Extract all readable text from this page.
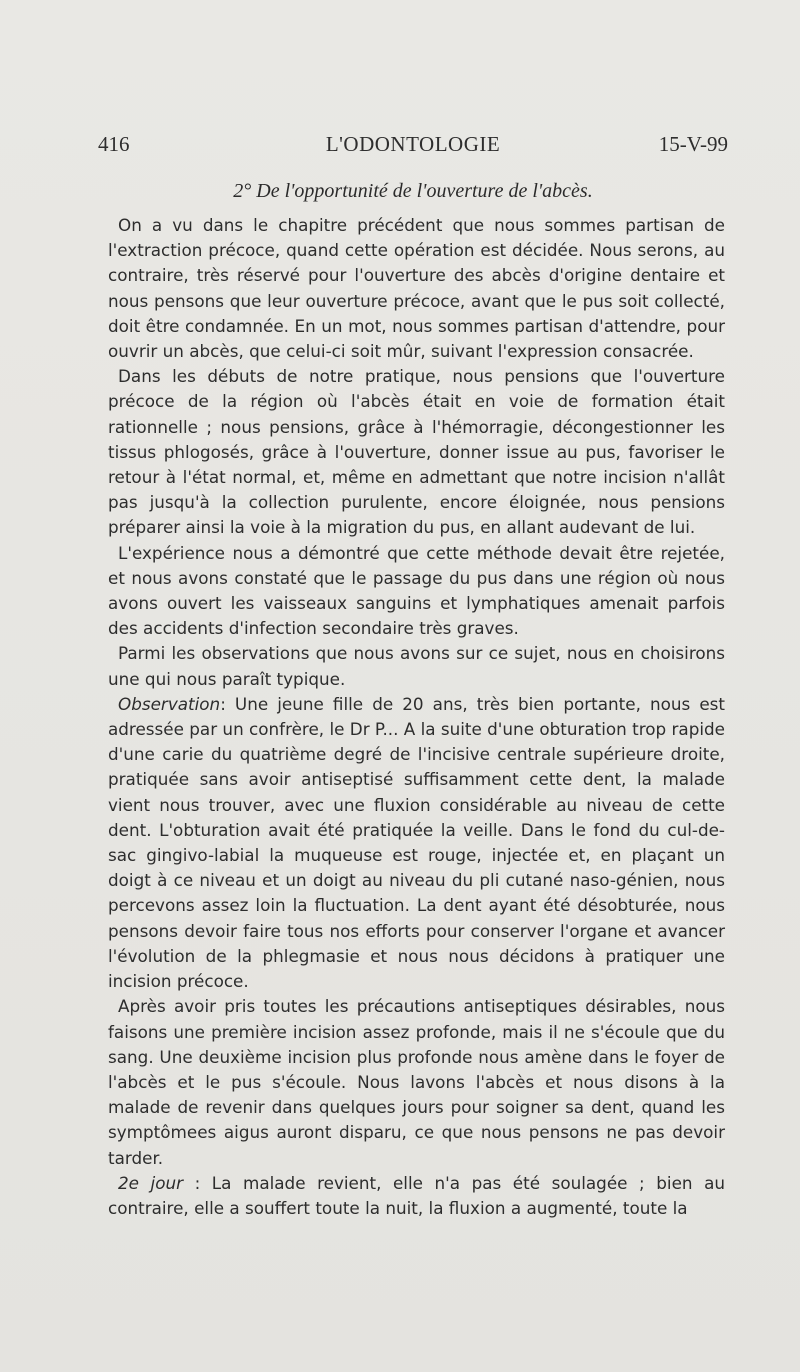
416	L'ODONTOLOGIE	15-V-99
2° De l'opportunité de l'ouverture de l'abcès.

On a vu dans le chapitre précédent que nous sommes partisan de l'extraction précoce, quand cette opération est décidée. Nous serons, au contraire, très réservé pour l'ouverture des abcès d'origine dentaire et nous pensons que leur ouverture précoce, avant que le pus soit collecté, doit être condamnée. En un mot, nous sommes partisan d'attendre, pour ouvrir un abcès, que celui-ci soit mûr, suivant l'expression consacrée.

Dans les débuts de notre pratique, nous pensions que l'ouverture précoce de la région où l'abcès était en voie de formation était rationnelle ; nous pensions, grâce à l'hémorragie, décongestionner les tissus phlogosés, grâce à l'ouverture, donner issue au pus, favoriser le retour à l'état normal, et, même en admettant que notre incision n'allât pas jusqu'à la collection purulente, encore éloignée, nous pensions préparer ainsi la voie à la migration du pus, en allant audevant de lui.

L'expérience nous a démontré que cette méthode devait être rejetée, et nous avons constaté que le passage du pus dans une région où nous avons ouvert les vaisseaux sanguins et lymphatiques amenait parfois des accidents d'infection secondaire très graves.

Parmi les observations que nous avons sur ce sujet, nous en choisirons une qui nous paraît typique.

Observation: Une jeune fille de 20 ans, très bien portante, nous est adressée par un confrère, le Dr P... A la suite d'une obturation trop rapide d'une carie du quatrième degré de l'incisive centrale supérieure droite, pratiquée sans avoir antiseptisé suffisamment cette dent, la malade vient nous trouver, avec une fluxion considérable au niveau de cette dent. L'obturation avait été pratiquée la veille. Dans le fond du cul-de-sac gingivo-labial la muqueuse est rouge, injectée et, en plaçant un doigt à ce niveau et un doigt au niveau du pli cutané naso-génien, nous percevons assez loin la fluctuation. La dent ayant été désobturée, nous pensons devoir faire tous nos efforts pour conserver l'organe et avancer l'évolution de la phlegmasie et nous nous décidons à pratiquer une incision précoce.

Après avoir pris toutes les précautions antiseptiques désirables, nous faisons une première incision assez profonde, mais il ne s'écoule que du sang. Une deuxième incision plus profonde nous amène dans le foyer de l'abcès et le pus s'écoule. Nous lavons l'abcès et nous disons à la malade de revenir dans quelques jours pour soigner sa dent, quand les symptômees aigus auront disparu, ce que nous pensons ne pas devoir tarder.

2e jour : La malade revient, elle n'a pas été soulagée ; bien au contraire, elle a souffert toute la nuit, la fluxion a augmenté, toute la
